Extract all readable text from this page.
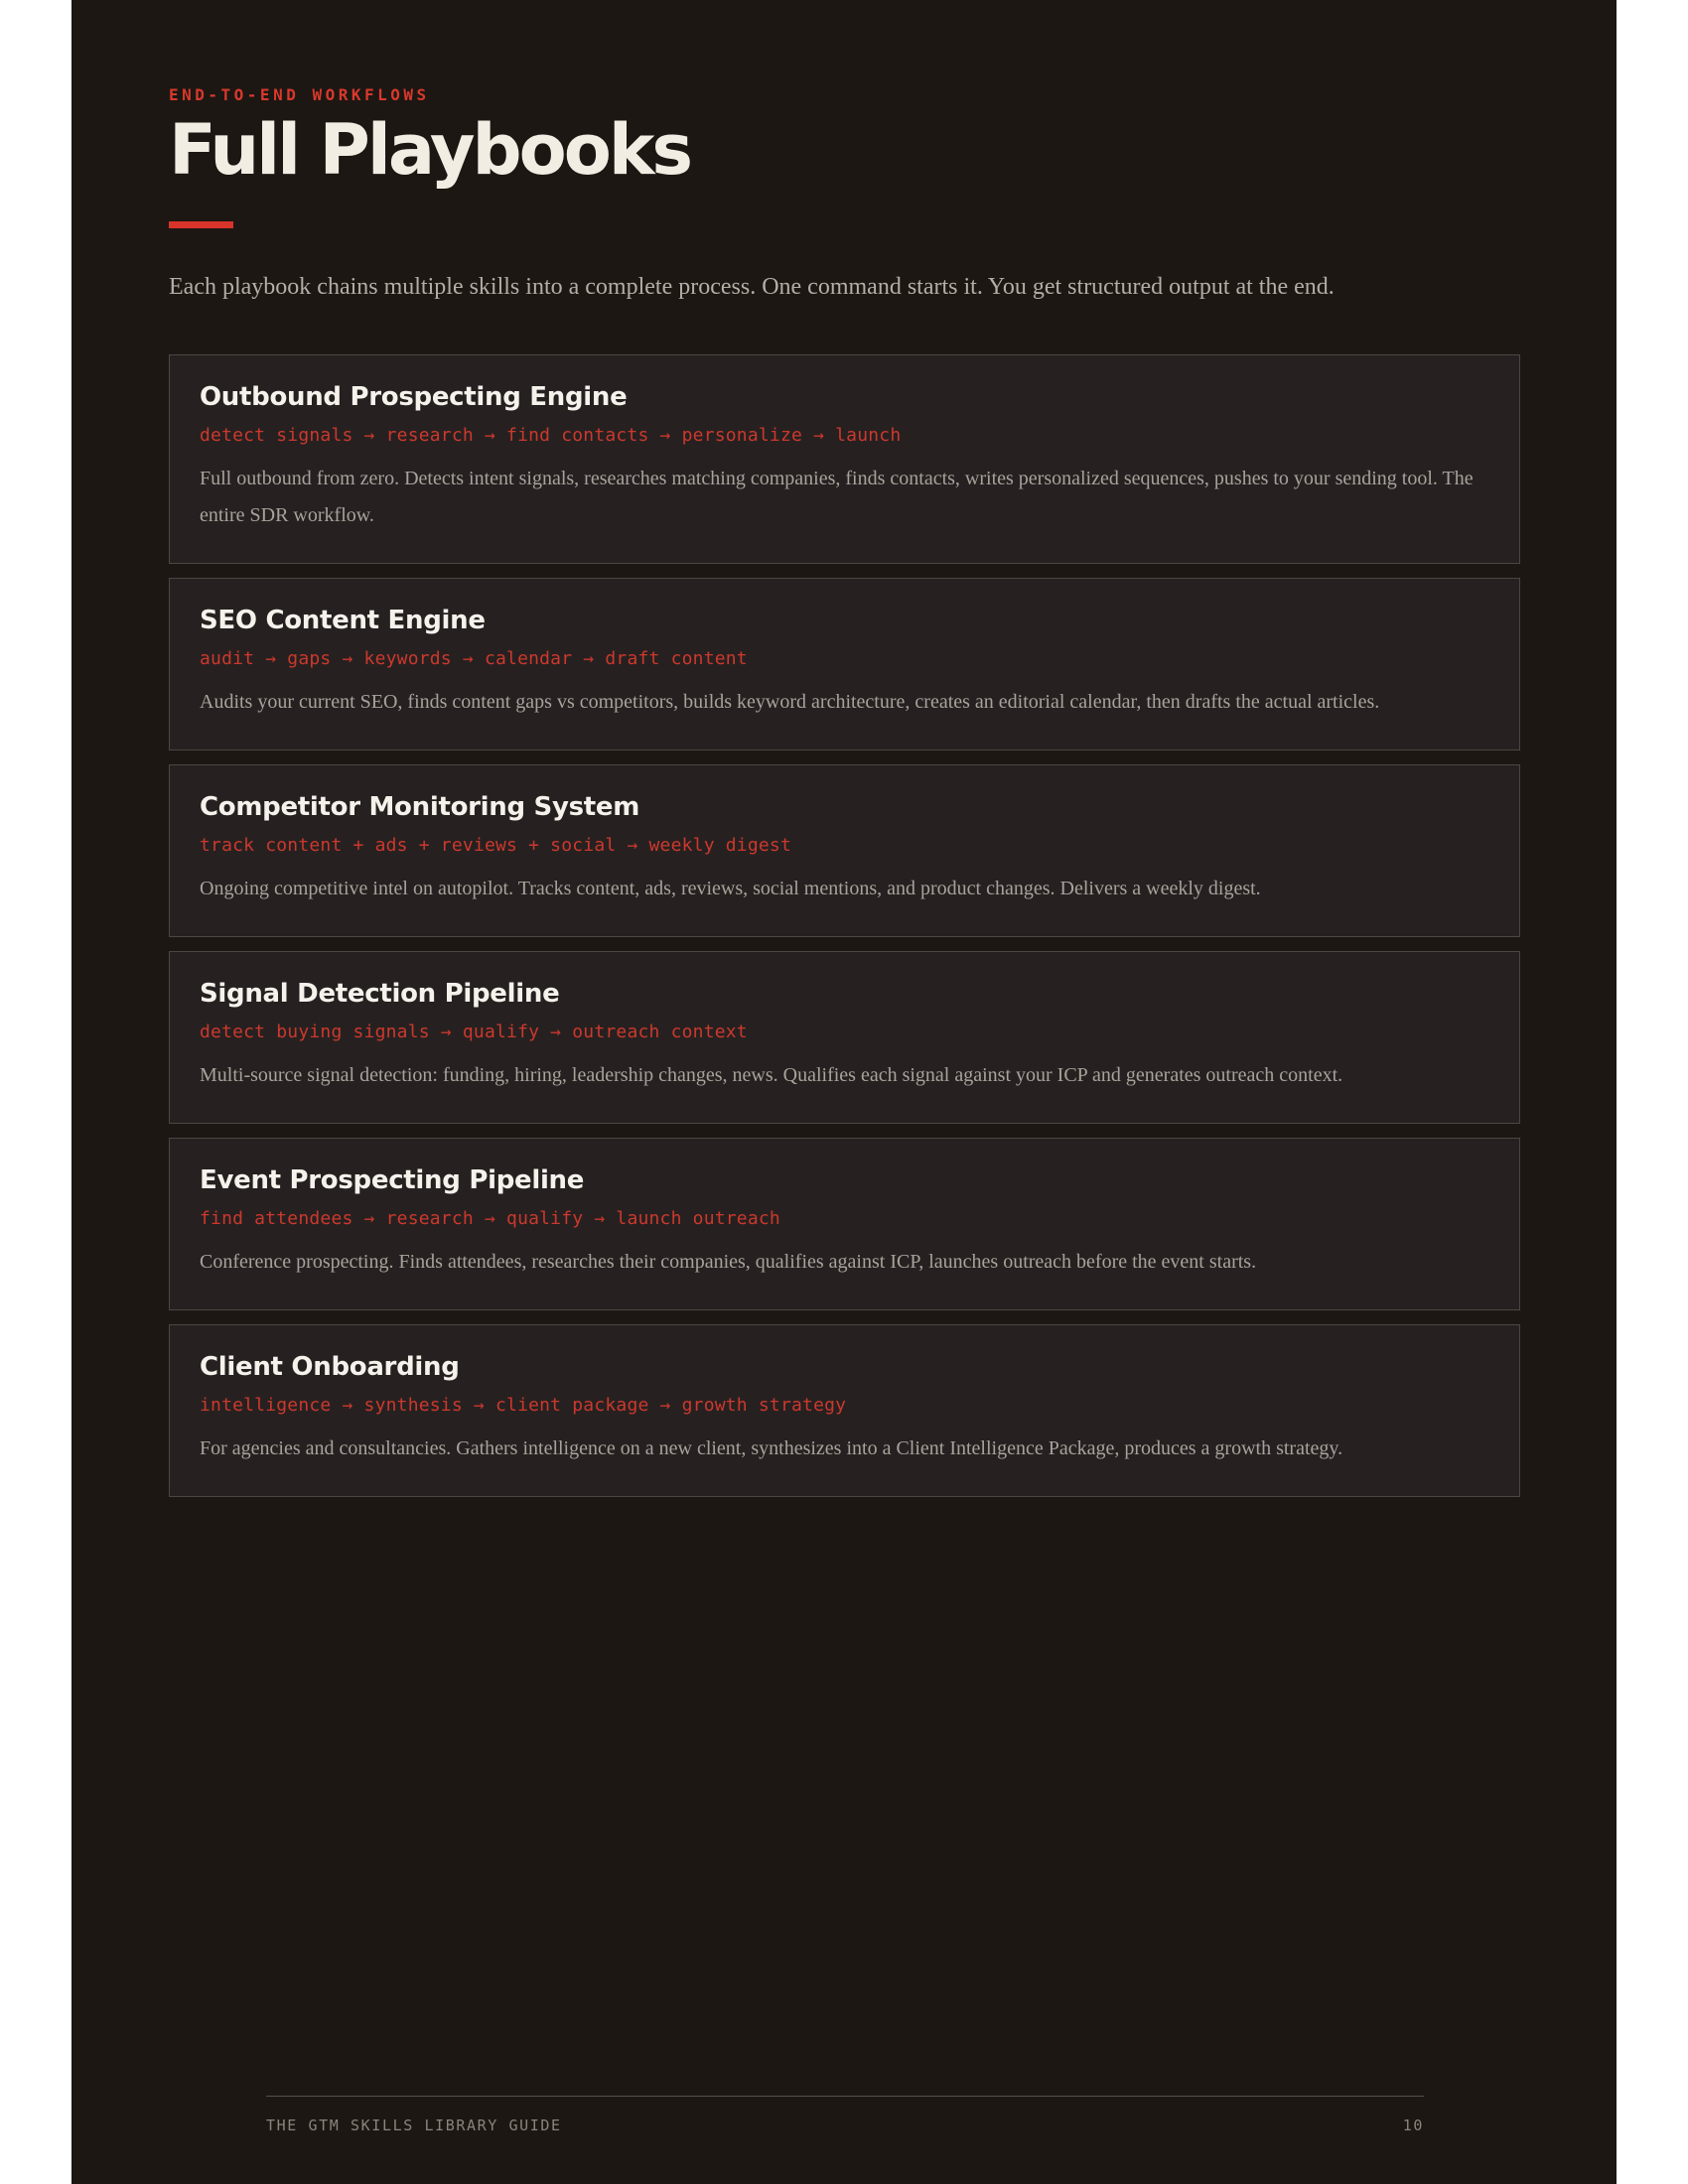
END-TO-END WORKFLOWS
Full Playbooks

Each playbook chains multiple skills into a complete process. One command starts it. You get structured output at the end.

Outbound Prospecting Engine
detect signals → research → find contacts → personalize → launch

Full outbound from zero. Detects intent signals, researches matching companies, finds contacts, writes personalized sequences, pushes to your sending tool. The entire SDR workflow.

SEO Content Engine
audit → gaps → keywords → calendar → draft content

Audits your current SEO, finds content gaps vs competitors, builds keyword architecture, creates an editorial calendar, then drafts the actual articles.

Competitor Monitoring System
track content + ads + reviews + social → weekly digest

Ongoing competitive intel on autopilot. Tracks content, ads, reviews, social mentions, and product changes. Delivers a weekly digest.

Signal Detection Pipeline
detect buying signals → qualify → outreach context

Multi-source signal detection: funding, hiring, leadership changes, news. Qualifies each signal against your ICP and generates outreach context.

Event Prospecting Pipeline
find attendees → research → qualify → launch outreach

Conference prospecting. Finds attendees, researches their companies, qualifies against ICP, launches outreach before the event starts.

Client Onboarding
intelligence → synthesis → client package → growth strategy

For agencies and consultancies. Gathers intelligence on a new client, synthesizes into a Client Intelligence Package, produces a growth strategy.

THE GTM SKILLS LIBRARY GUIDE	10
